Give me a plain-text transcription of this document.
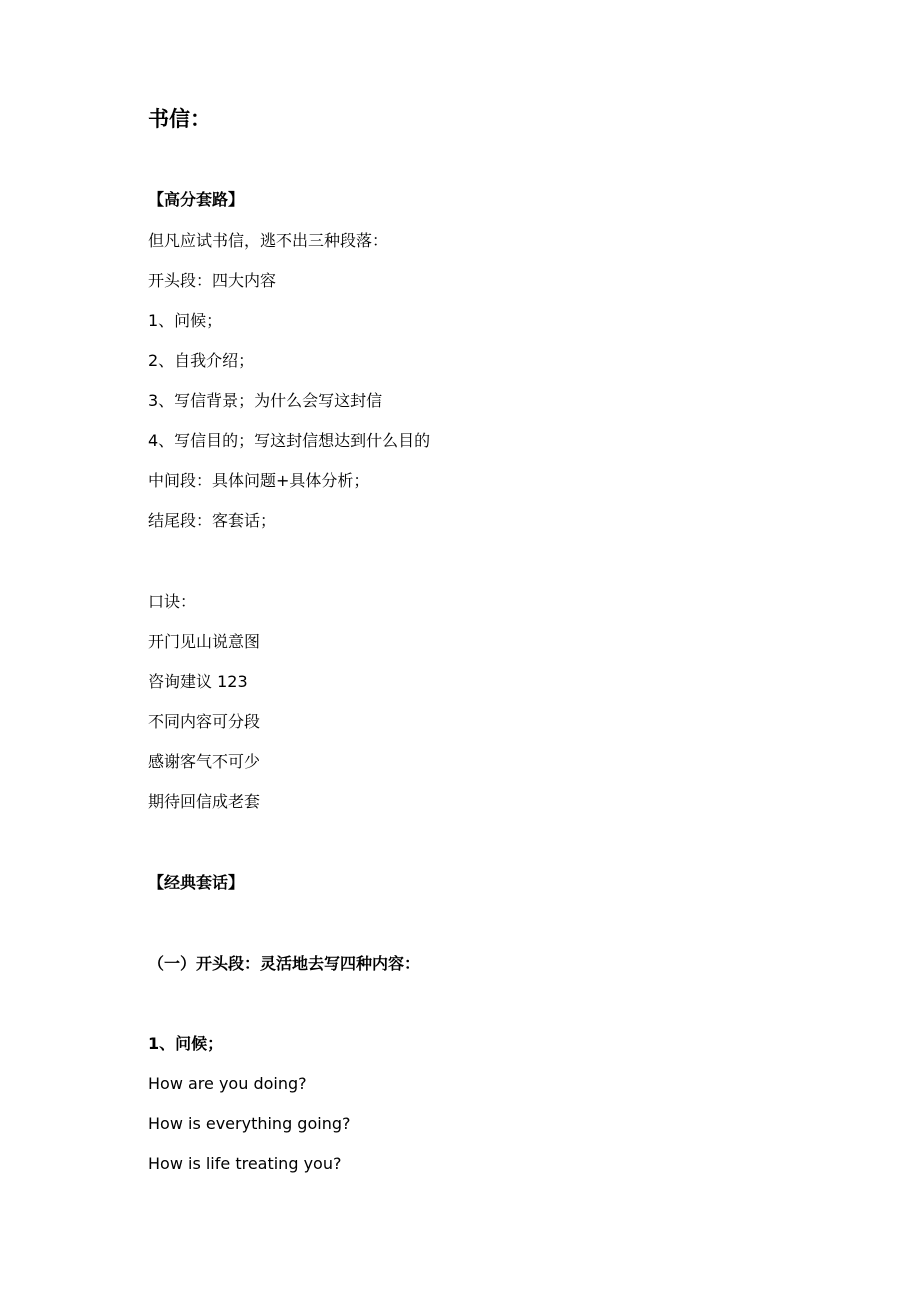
书信：
【高分套路】
但凡应试书信，逃不出三种段落：
开头段：四大内容
1、问候；
2、自我介绍；
3、写信背景；为什么会写这封信
4、写信目的；写这封信想达到什么目的
中间段：具体问题+具体分析；
结尾段：客套话；
口诀：
开门见山说意图
咨询建议 123
不同内容可分段
感谢客气不可少
期待回信成老套
【经典套话】
（一）开头段：灵活地去写四种内容：
1、问候；
How are you doing?
How is everything going?
How is life treating you?
